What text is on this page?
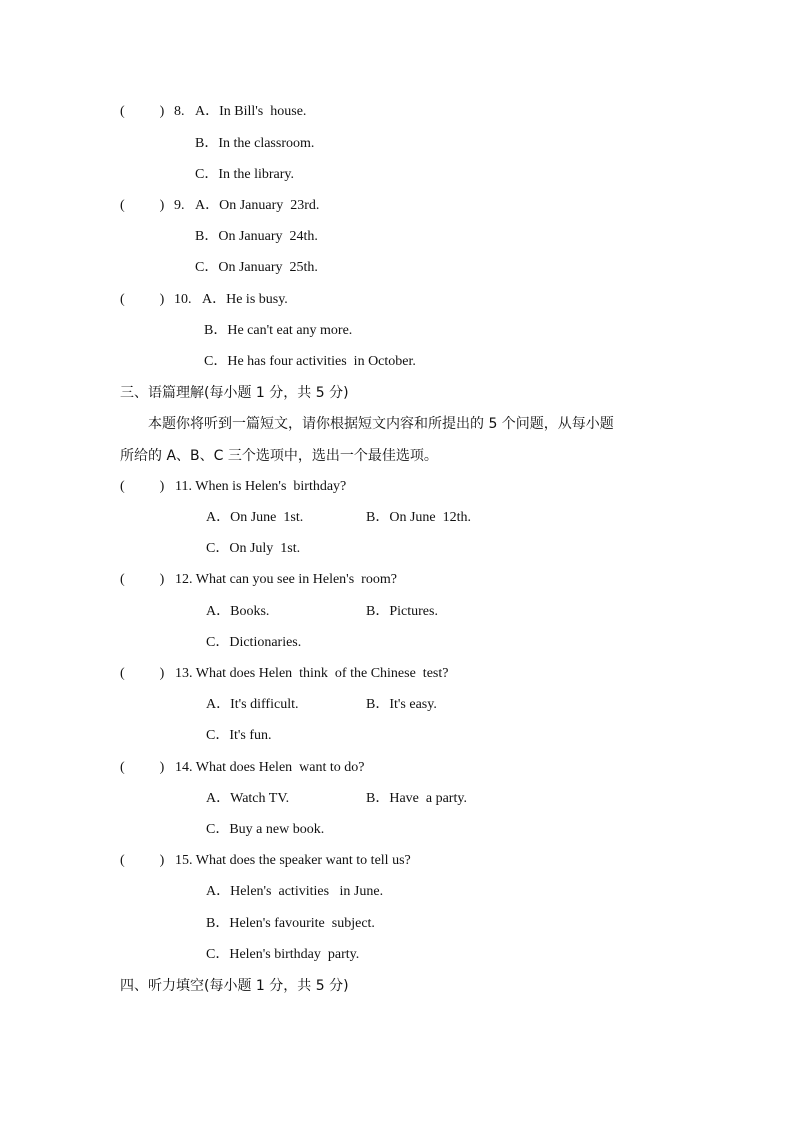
(          ) 8. A．In Bill's  house.
B．In the classroom.
C．In the library.
(          ) 9. A．On January  23rd.
B．On January  24th.
C．On January  25th.
(          ) 10. A．He is busy.
B．He can't eat any more.
C．He has four activities  in October.
三、语篇理解(每小题 1 分，共 5 分)
本题你将听到一篇短文，请你根据短文内容和所提出的 5 个问题，从每小题
所给的 A、B、C 三个选项中，选出一个最佳选项。
(          ) 11. When is Helen's  birthday?
A．On June  1st.	B．On June  12th.
C．On July  1st.
(          ) 12. What can you see in Helen's  room?
A．Books.	B．Pictures.
C．Dictionaries.
(          ) 13. What does Helen  think  of the Chinese  test?
A．It's difficult.	B．It's easy.
C．It's fun.
(          ) 14. What does Helen  want to do?
A．Watch TV.	B．Have  a party.
C．Buy a new book.
(          ) 15. What does the speaker want to tell us?
A．Helen's  activities   in June.
B．Helen's favourite  subject.
C．Helen's birthday  party.
四、听力填空(每小题 1 分，共 5 分)
